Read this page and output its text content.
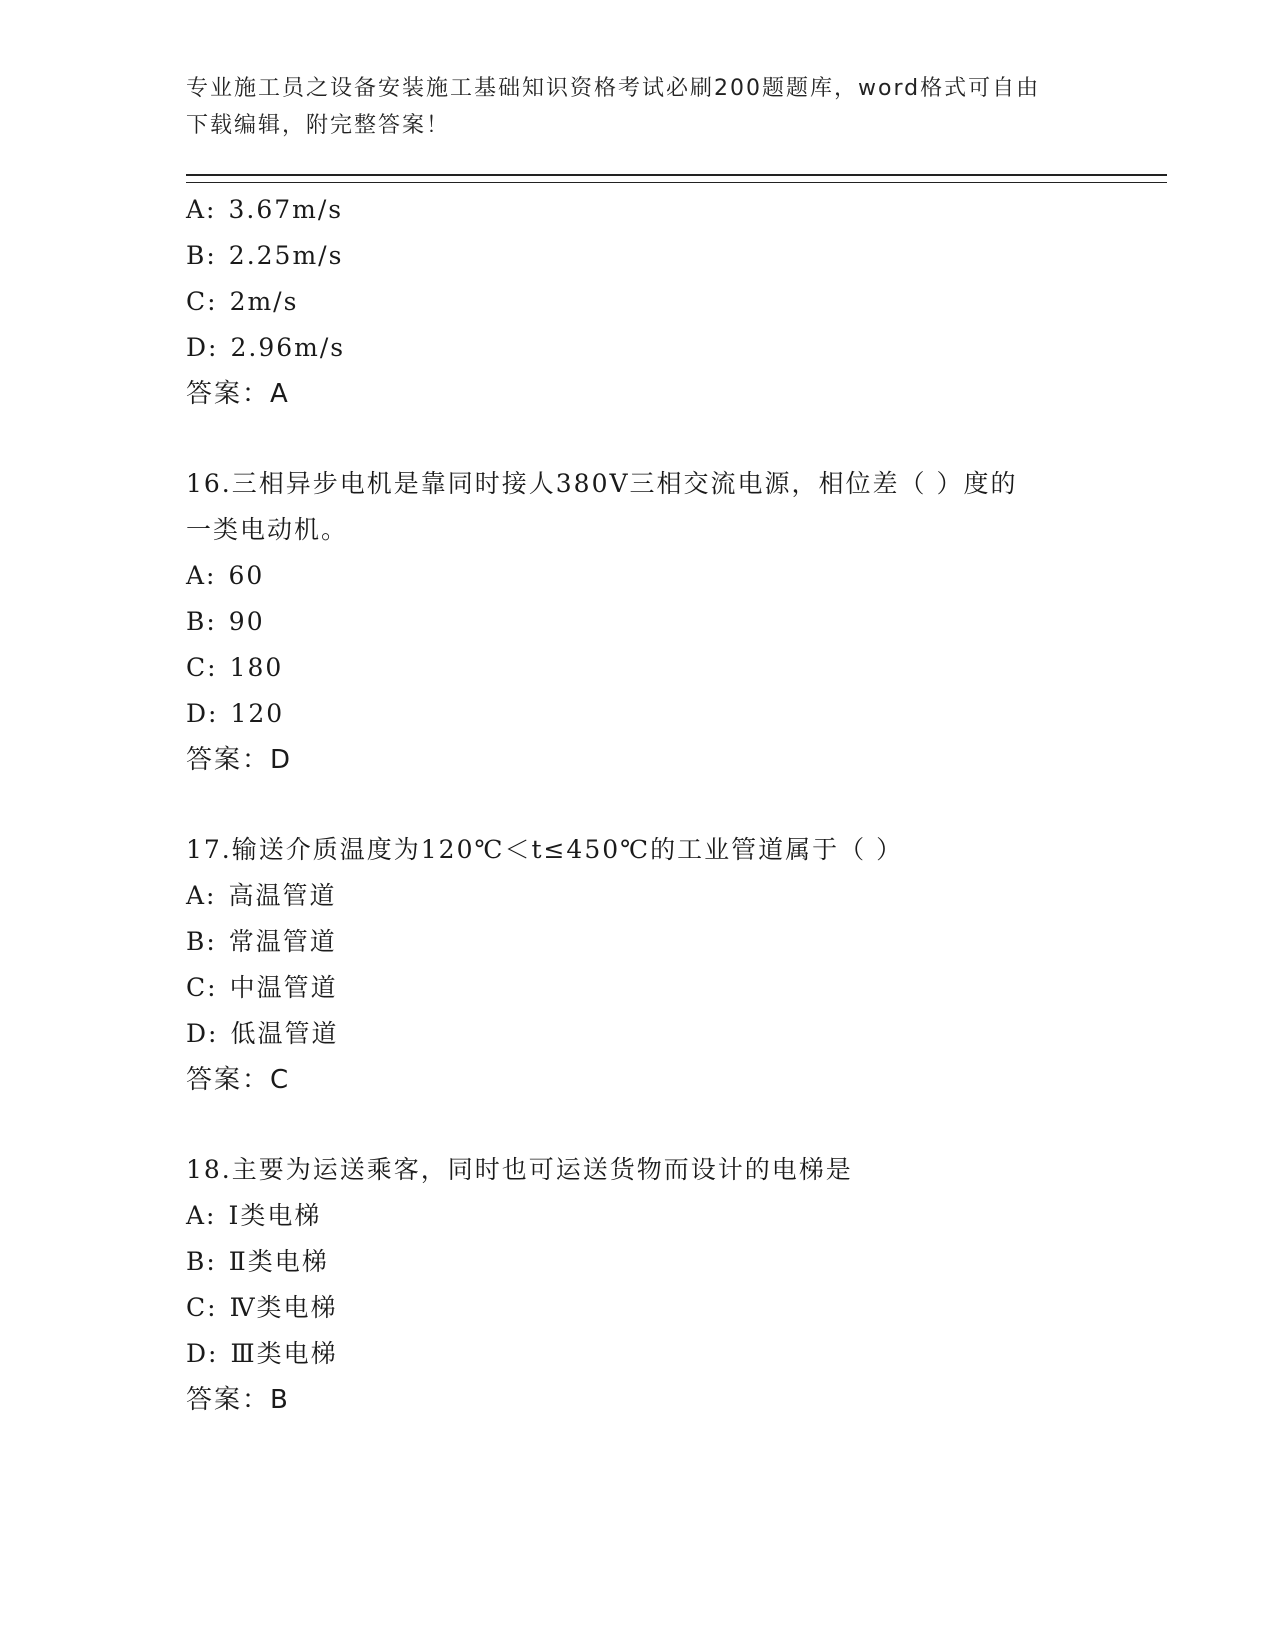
专业施工员之设备安装施工基础知识资格考试必刷200题题库，word格式可自由
下载编辑，附完整答案！
A: 3.67m/s
B: 2.25m/s
C: 2m/s
D: 2.96m/s
答案：A
16.三相异步电机是靠同时接人380V三相交流电源，相位差（ ）度的
一类电动机。
A: 60
B: 90
C: 180
D: 120
答案：D
17.输送介质温度为120℃＜t≤450℃的工业管道属于（ ）
A: 高温管道
B: 常温管道
C: 中温管道
D: 低温管道
答案：C
18.主要为运送乘客，同时也可运送货物而设计的电梯是
A: Ⅰ类电梯
B: Ⅱ类电梯
C: Ⅳ类电梯
D: Ⅲ类电梯
答案：B
